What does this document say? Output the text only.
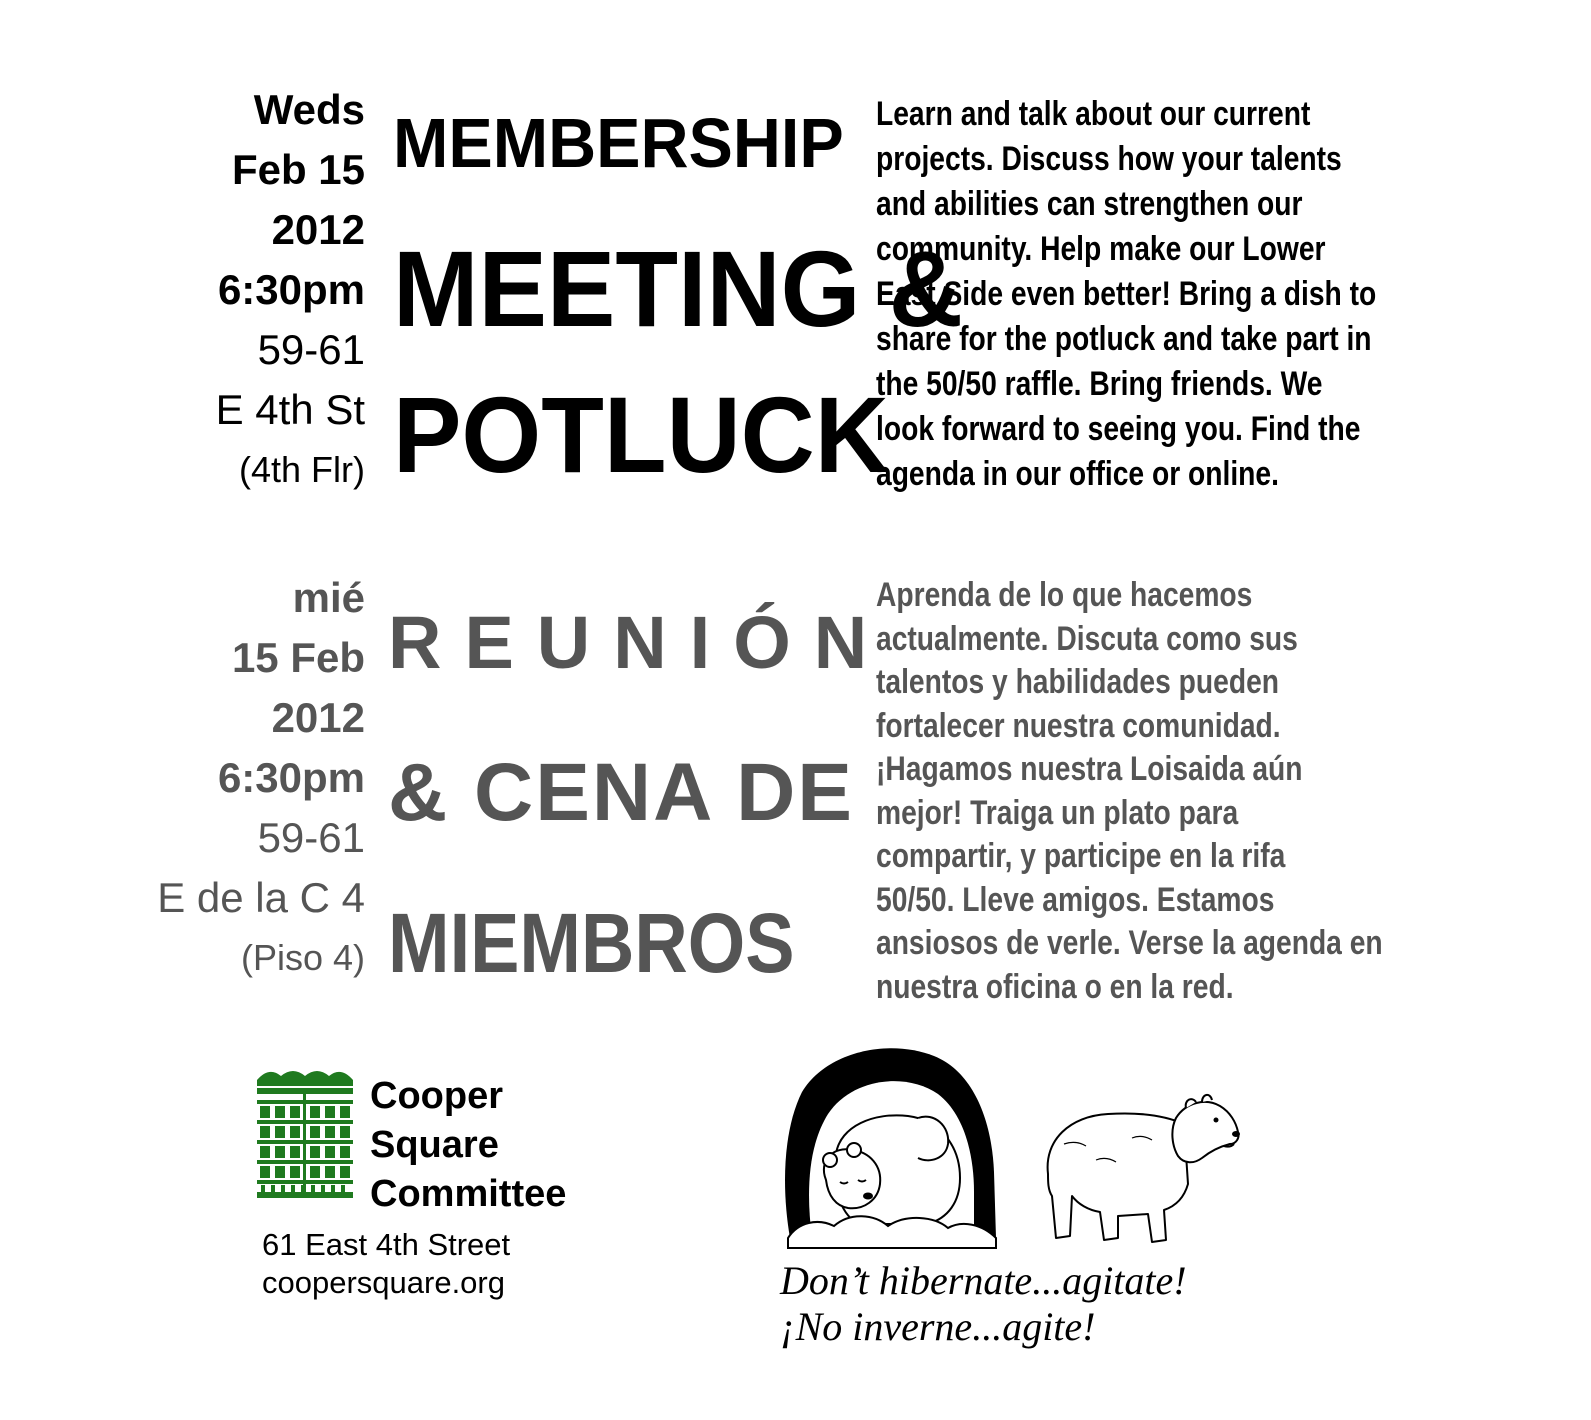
Weds
Feb 15
2012
6:30pm
59-61
E 4th St
(4th Flr)
MEMBERSHIP
MEETING &
POTLUCK
Learn and talk about our current
projects. Discuss how your talents
and abilities can strengthen our
community. Help make our Lower
East Side even better! Bring a dish to
share for the potluck and take part in
the 50/50 raffle. Bring friends. We
look forward to seeing you. Find the
agenda in our office or online.
mié
15 Feb
2012
6:30pm
59-61
E de la C 4
(Piso 4)
REUNIÓN
& CENA DE
MIEMBROS
Aprenda de lo que hacemos
actualmente. Discuta como sus
talentos y habilidades pueden
fortalecer nuestra comunidad.
¡Hagamos nuestra Loisaida aún
mejor! Traiga un plato para
compartir, y participe en la rifa
50/50. Lleve amigos. Estamos
ansiosos de verle. Verse la agenda en
nuestra oficina o en la red.
Cooper
Square
Committee
61 East 4th Street
coopersquare.org	Don’t hibernate...agitate!
¡No inverne...agite!
